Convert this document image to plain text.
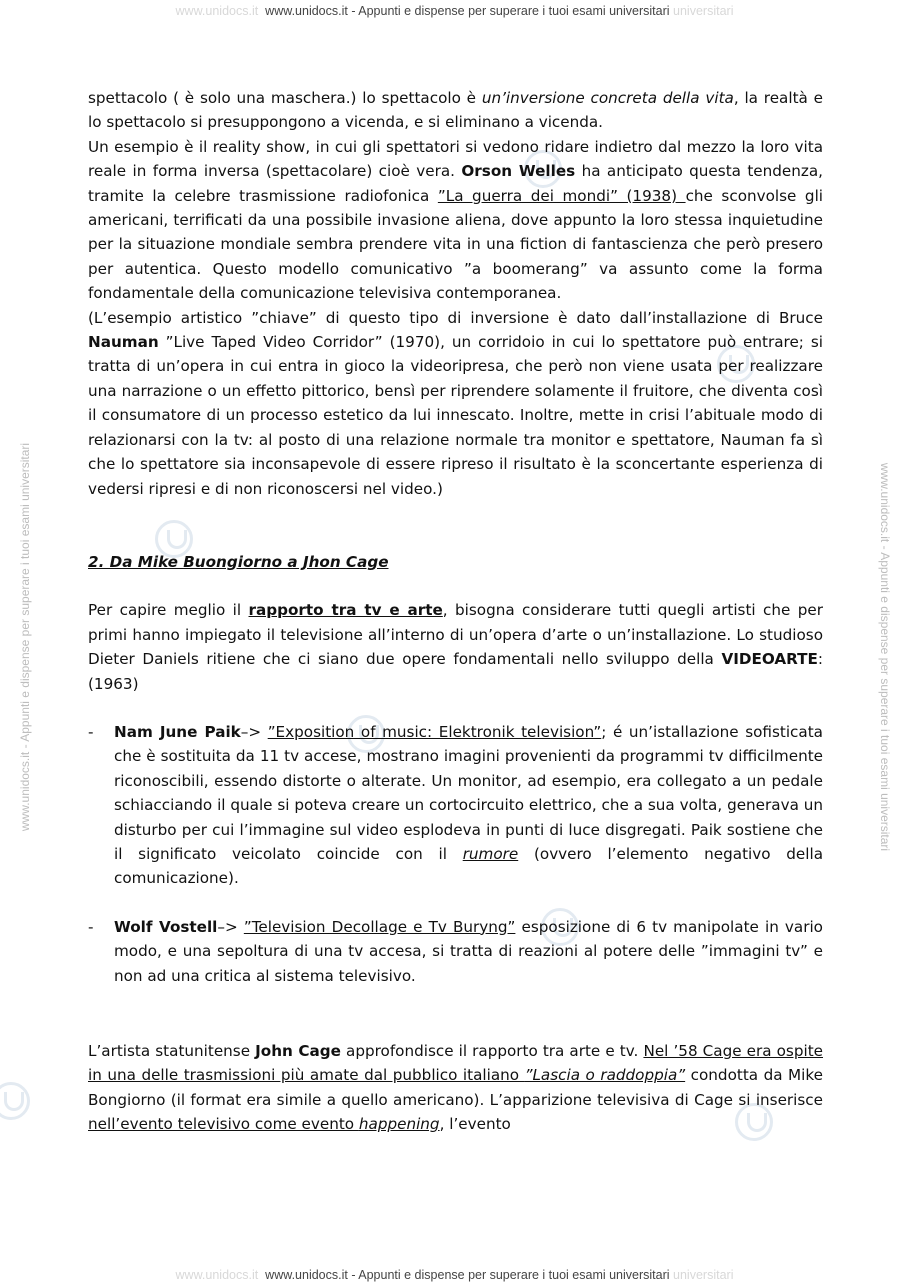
www.unidocs.it www.unidocs.it - Appunti e dispense per superare i tuoi esami universitari universitari
www.unidocs.it - Appunti e dispense per superare i tuoi esami universitari	www.unidocs.it - Appunti e dispense per superare i tuoi esami universitari

spettacolo ( è solo una maschera.) lo spettacolo è un’inversione concreta della vita, la realtà e lo spettacolo si presuppongono a vicenda, e si eliminano a vicenda.

Un esempio è il reality show, in cui gli spettatori si vedono ridare indietro dal mezzo la loro vita reale in forma inversa (spettacolare) cioè vera. Orson Welles ha anticipato questa tendenza, tramite la celebre trasmissione radiofonica ”La guerra dei mondi” (1938) che sconvolse gli americani, terrificati da una possibile invasione aliena, dove appunto la loro stessa inquietudine per la situazione mondiale sembra prendere vita in una fiction di fantascienza che però presero per autentica. Questo modello comunicativo ”a boomerang” va assunto come la forma fondamentale della comunicazione televisiva contemporanea.

(L’esempio artistico ”chiave” di questo tipo di inversione è dato dall’installazione di Bruce Nauman ”Live Taped Video Corridor” (1970), un corridoio in cui lo spettatore può entrare; si tratta di un’opera in cui entra in gioco la videoripresa, che però non viene usata per realizzare una narrazione o un effetto pittorico, bensì per riprendere solamente il fruitore, che diventa così il consumatore di un processo estetico da lui innescato. Inoltre, mette in crisi l’abituale modo di relazionarsi con la tv: al posto di una relazione normale tra monitor e spettatore, Nauman fa sì che lo spettatore sia inconsapevole di essere ripreso il risultato è la sconcertante esperienza di vedersi ripresi e di non riconoscersi nel video.)

2. Da Mike Buongiorno a Jhon Cage

Per capire meglio il rapporto tra tv e arte, bisogna considerare tutti quegli artisti che per primi hanno impiegato il televisione all’interno di un’opera d’arte o un’installazione. Lo studioso Dieter Daniels ritiene che ci siano due opere fondamentali nello sviluppo della VIDEOARTE: (1963)

- Nam June Paik–> ”Exposition of music: Elektronik television”; é un’istallazione sofisticata che è sostituita da 11 tv accese, mostrano imagini provenienti da programmi tv difficilmente riconoscibili, essendo distorte o alterate. Un monitor, ad esempio, era collegato a un pedale schiacciando il quale si poteva creare un cortocircuito elettrico, che a sua volta, generava un disturbo per cui l’immagine sul video esplodeva in punti di luce disgregati. Paik sostiene che il significato veicolato coincide con il rumore (ovvero l’elemento negativo della comunicazione).
- Wolf Vostell–> ”Television Decollage e Tv Buryng” esposizione di 6 tv manipolate in vario modo, e una sepoltura di una tv accesa, si tratta di reazioni al potere delle ”immagini tv” e non ad una critica al sistema televisivo.

L’artista statunitense John Cage approfondisce il rapporto tra arte e tv. Nel ’58 Cage era ospite in una delle trasmissioni più amate dal pubblico italiano ”Lascia o raddoppia” condotta da Mike Bongiorno (il format era simile a quello americano). L’apparizione televisiva di Cage si inserisce nell’evento televisivo come evento happening, l’evento

www.unidocs.it www.unidocs.it - Appunti e dispense per superare i tuoi esami universitari universitari
